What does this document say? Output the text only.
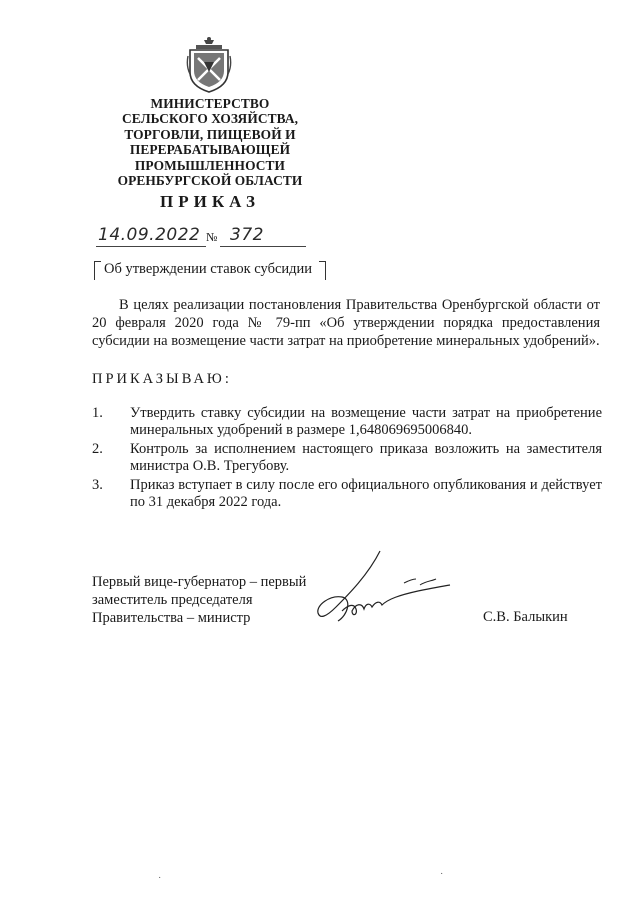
МИНИСТЕРСТВО
СЕЛЬСКОГО ХОЗЯЙСТВА,
ТОРГОВЛИ, ПИЩЕВОЙ И
ПЕРЕРАБАТЫВАЮЩЕЙ
ПРОМЫШЛЕННОСТИ
ОРЕНБУРГСКОЙ ОБЛАСТИ
ПРИКАЗ
14.09.2022 № 372
Об утверждении ставок субсидии
В целях реализации постановления Правительства Оренбургской области от 20 февраля 2020 года № 79-пп «Об утверждении порядка предоставления субсидии на возмещение части затрат на приобретение минеральных удобрений».
ПРИКАЗЫВАЮ:
1. Утвердить ставку субсидии на возмещение части затрат на приобретение минеральных удобрений в размере 1,648069695006840.
2. Контроль за исполнением настоящего приказа возложить на заместителя министра О.В. Трегубову.
3. Приказ вступает в силу после его официального опубликования и действует по 31 декабря 2022 года.
Первый вице-губернатор – первый
заместитель председателя
Правительства – министр	С.В. Балыкин
˙	˙
